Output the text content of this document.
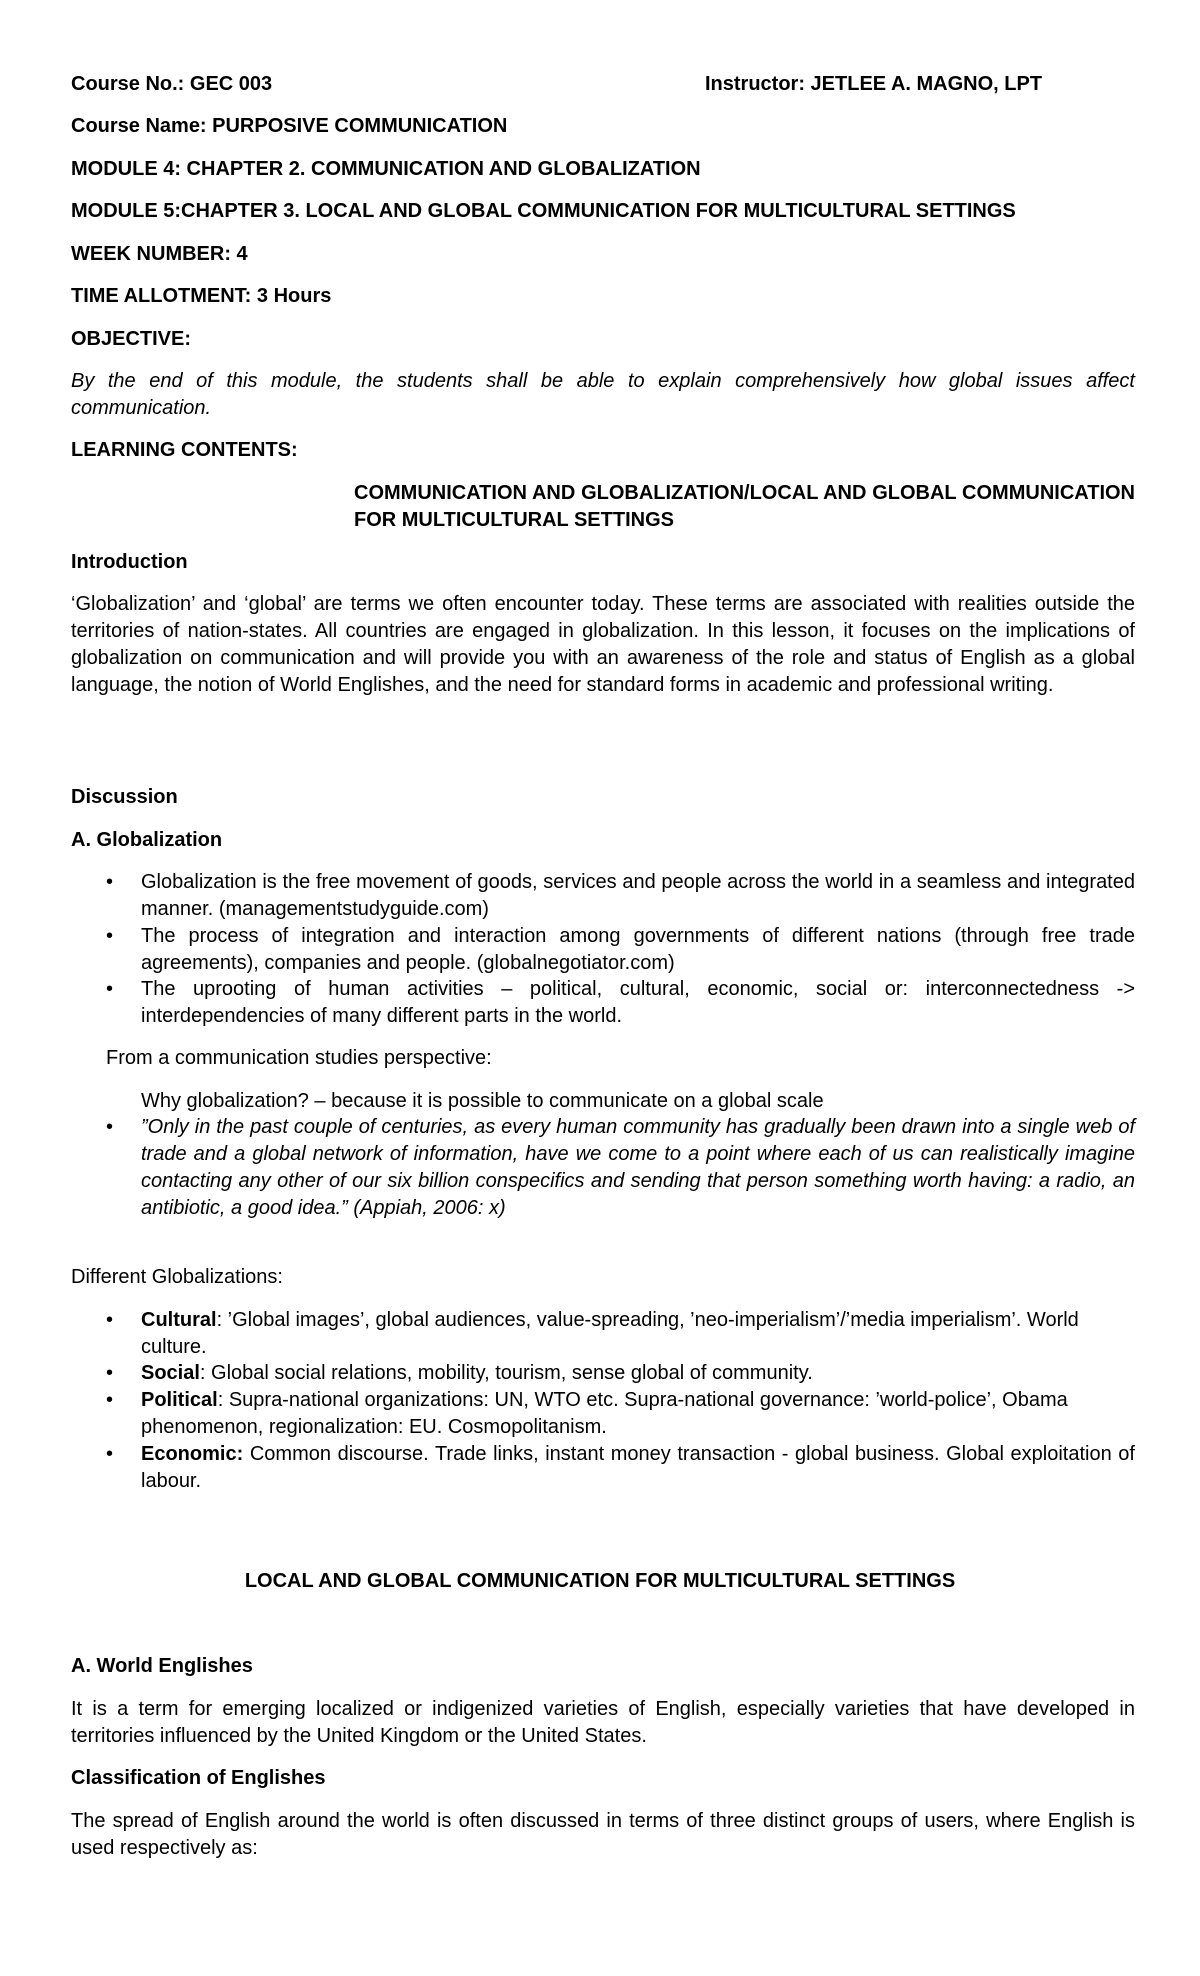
Course No.: GEC 003	Instructor: JETLEE A. MAGNO, LPT
Course Name: PURPOSIVE COMMUNICATION
MODULE 4: CHAPTER 2. COMMUNICATION AND GLOBALIZATION
MODULE 5:CHAPTER 3. LOCAL AND GLOBAL COMMUNICATION FOR MULTICULTURAL SETTINGS
WEEK NUMBER: 4
TIME ALLOTMENT: 3 Hours
OBJECTIVE:
By the end of this module, the students shall be able to explain comprehensively how global issues affect communication.
LEARNING CONTENTS:
COMMUNICATION AND GLOBALIZATION/LOCAL AND GLOBAL COMMUNICATION FOR MULTICULTURAL SETTINGS
Introduction
‘Globalization’ and ‘global’ are terms we often encounter today. These terms are associated with realities outside the territories of nation-states. All countries are engaged in globalization. In this lesson, it focuses on the implications of globalization on communication and will provide you with an awareness of the role and status of English as a global language, the notion of World Englishes, and the need for standard forms in academic and professional writing.
Discussion
A. Globalization
• Globalization is the free movement of goods, services and people across the world in a seamless and integrated manner. (managementstudyguide.com)
• The process of integration and interaction among governments of different nations (through free trade agreements), companies and people. (globalnegotiator.com)
• The uprooting of human activities – political, cultural, economic, social or: interconnectedness -> interdependencies of many different parts in the world.
From a communication studies perspective:
Why globalization? – because it is possible to communicate on a global scale
• ”Only in the past couple of centuries, as every human community has gradually been drawn into a single web of trade and a global network of information, have we come to a point where each of us can realistically imagine contacting any other of our six billion conspecifics and sending that person something worth having: a radio, an antibiotic, a good idea.” (Appiah, 2006: x)
Different Globalizations:
• Cultural: ’Global images’, global audiences, value-spreading, ’neo-imperialism’/’media imperialism’. World culture.
• Social: Global social relations, mobility, tourism, sense global of community.
• Political: Supra-national organizations: UN, WTO etc. Supra-national governance: ’world-police’, Obama phenomenon, regionalization: EU. Cosmopolitanism.
• Economic: Common discourse. Trade links, instant money transaction - global business. Global exploitation of labour.
LOCAL AND GLOBAL COMMUNICATION FOR MULTICULTURAL SETTINGS
A. World Englishes
It is a term for emerging localized or indigenized varieties of English, especially varieties that have developed in territories influenced by the United Kingdom or the United States.
Classification of Englishes
The spread of English around the world is often discussed in terms of three distinct groups of users, where English is used respectively as:
